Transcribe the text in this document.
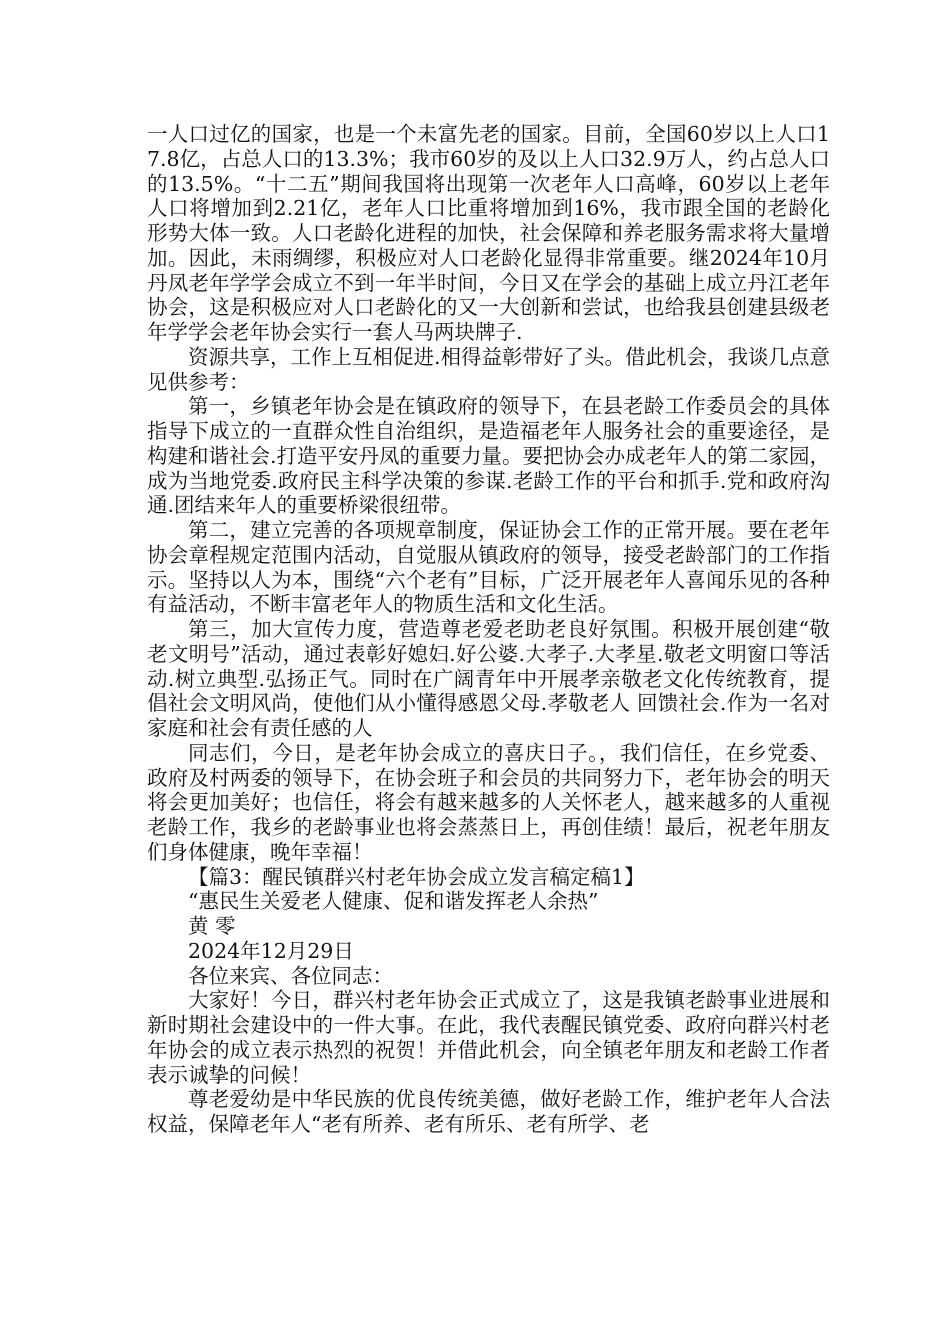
一人口过亿的国家，也是一个未富先老的国家。目前，全国60岁以上人口17.8亿，占总人口的13.3%；我市60岁的及以上人口32.9万人，约占总人口的13.5%。“十二五”期间我国将出现第一次老年人口高峰，60岁以上老年人口将增加到2.21亿，老年人口比重将增加到16%，我市跟全国的老龄化形势大体一致。人口老龄化进程的加快，社会保障和养老服务需求将大量增加。因此，未雨绸缪，积极应对人口老龄化显得非常重要。继2024年10月丹凤老年学学会成立不到一年半时间，今日又在学会的基础上成立丹江老年协会，这是积极应对人口老龄化的又一大创新和尝试，也给我县创建县级老年学学会老年协会实行一套人马两块牌子.

资源共享，工作上互相促进.相得益彰带好了头。借此机会，我谈几点意见供参考：

第一，乡镇老年协会是在镇政府的领导下，在县老龄工作委员会的具体指导下成立的一直群众性自治组织，是造福老年人服务社会的重要途径，是构建和谐社会.打造平安丹凤的重要力量。要把协会办成老年人的第二家园，成为当地党委.政府民主科学决策的参谋.老龄工作的平台和抓手.党和政府沟通.团结来年人的重要桥梁很纽带。

第二，建立完善的各项规章制度，保证协会工作的正常开展。要在老年协会章程规定范围内活动，自觉服从镇政府的领导，接受老龄部门的工作指示。坚持以人为本，围绕“六个老有”目标，广泛开展老年人喜闻乐见的各种有益活动，不断丰富老年人的物质生活和文化生活。

第三，加大宣传力度，营造尊老爱老助老良好氛围。积极开展创建“敬老文明号”活动，通过表彰好媳妇.好公婆.大孝子.大孝星.敬老文明窗口等活动.树立典型.弘扬正气。同时在广阔青年中开展孝亲敬老文化传统教育，提倡社会文明风尚，使他们从小懂得感恩父母.孝敬老人 回馈社会.作为一名对家庭和社会有责任感的人

同志们，今日，是老年协会成立的喜庆日子。，我们信任，在乡党委、政府及村两委的领导下，在协会班子和会员的共同努力下，老年协会的明天将会更加美好；也信任，将会有越来越多的人关怀老人，越来越多的人重视老龄工作，我乡的老龄事业也将会蒸蒸日上，再创佳绩！最后，祝老年朋友们身体健康，晚年幸福！

【篇3：醒民镇群兴村老年协会成立发言稿定稿1】
“惠民生关爱老人健康、促和谐发挥老人余热”
黄 零
2024年12月29日
各位来宾、各位同志：

大家好！今日，群兴村老年协会正式成立了，这是我镇老龄事业进展和新时期社会建设中的一件大事。在此，我代表醒民镇党委、政府向群兴村老年协会的成立表示热烈的祝贺！并借此机会，向全镇老年朋友和老龄工作者表示诚挚的问候！

尊老爱幼是中华民族的优良传统美德，做好老龄工作，维护老年人合法权益，保障老年人“老有所养、老有所乐、老有所学、老
